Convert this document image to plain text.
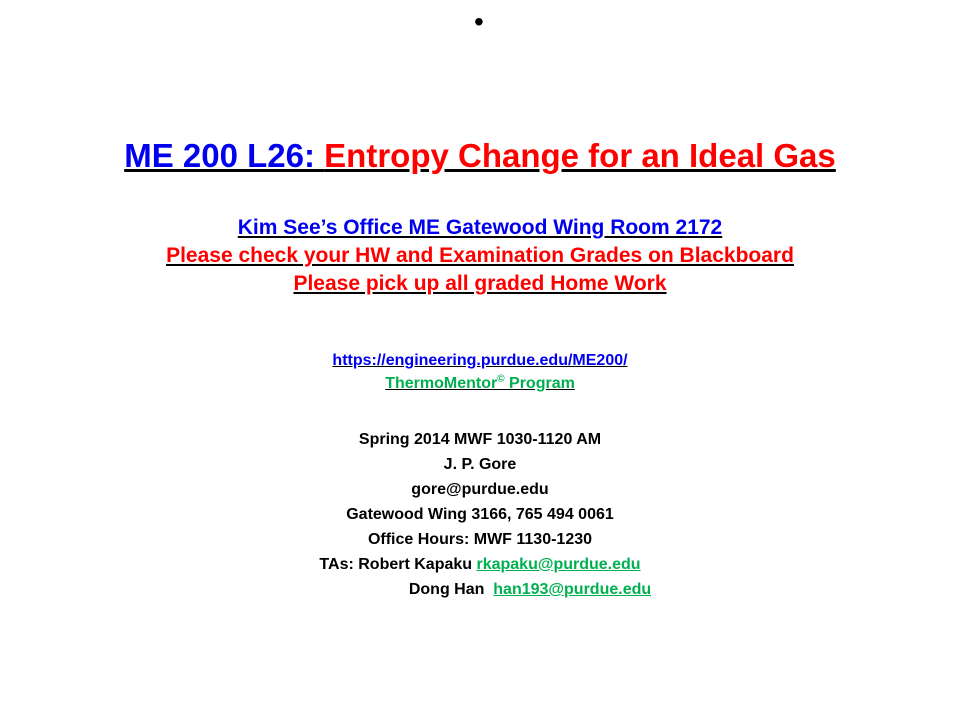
•
ME 200 L26: Entropy Change for an Ideal Gas
Kim See’s Office ME Gatewood Wing Room 2172
Please check your HW and Examination Grades on Blackboard
Please pick up all graded Home Work
https://engineering.purdue.edu/ME200/
ThermoMentor© Program
Spring 2014 MWF 1030-1120 AM
J. P. Gore
gore@purdue.edu
Gatewood Wing 3166, 765 494 0061
Office Hours: MWF 1130-1230
TAs: Robert Kapaku rkapaku@purdue.edu
Dong Han han193@purdue.edu
